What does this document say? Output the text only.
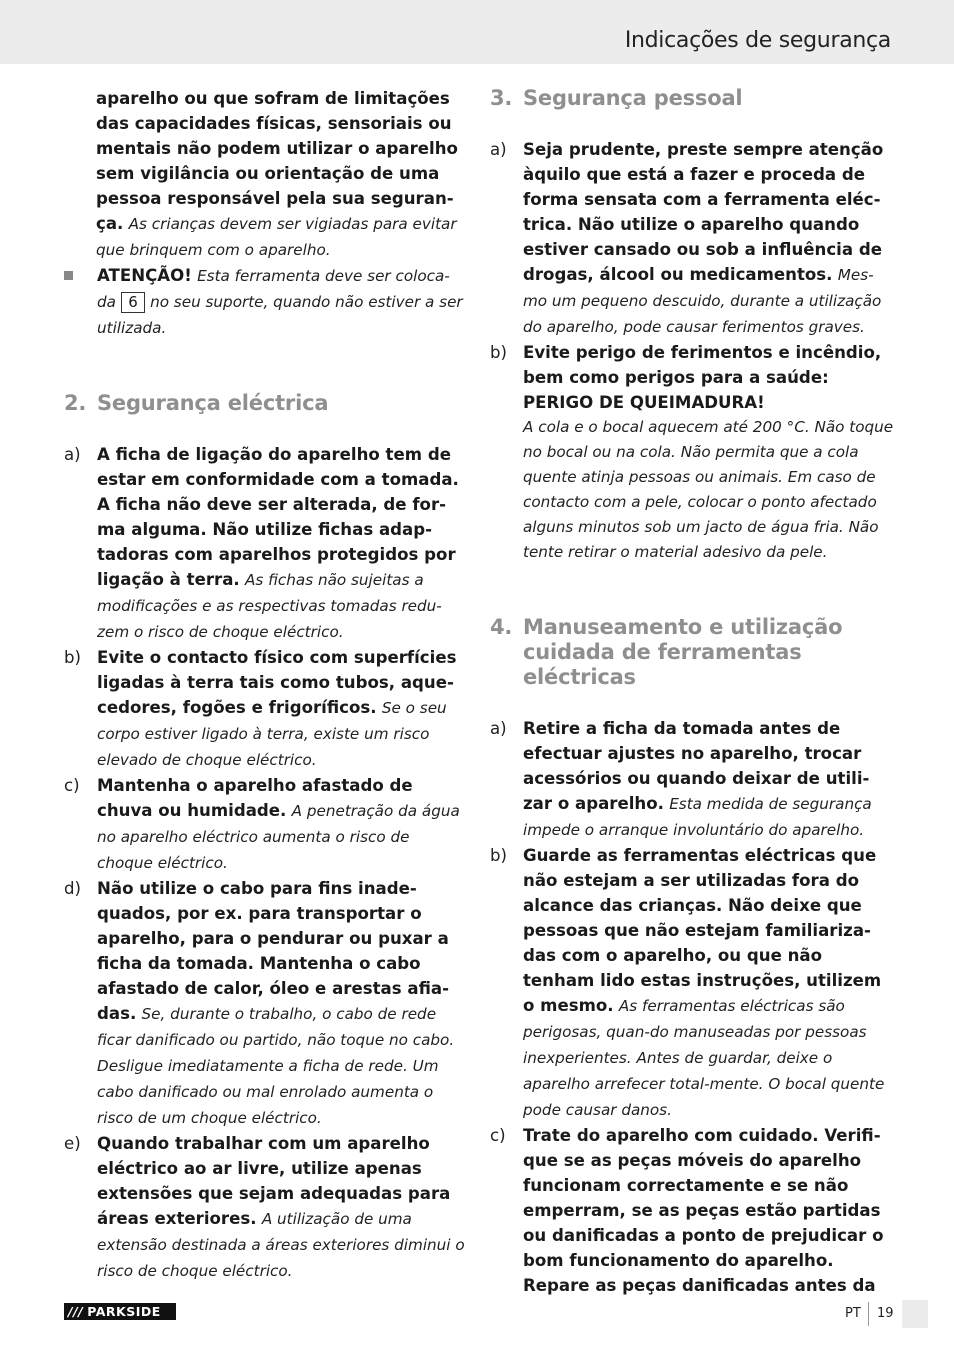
Indicações de segurança
aparelho ou que sofram de limitações das capacidades físicas, sensoriais ou mentais não podem utilizar o aparelho sem vigilância ou orientação de uma pessoa responsável pela sua seguran-ça. As crianças devem ser vigiadas para evitar que brinquem com o aparelho.
ATENÇÃO! Esta ferramenta deve ser coloca-da 6 no seu suporte, quando não estiver a ser utilizada.
2. Segurança eléctrica
a) A ficha de ligação do aparelho tem de estar em conformidade com a tomada. A ficha não deve ser alterada, de for-ma alguma. Não utilize fichas adap-tadoras com aparelhos protegidos por ligação à terra. As fichas não sujeitas a modificações e as respectivas tomadas redu-zem o risco de choque eléctrico.
b) Evite o contacto físico com superfícies ligadas à terra tais como tubos, aque-cedores, fogões e frigoríficos. Se o seu corpo estiver ligado à terra, existe um risco elevado de choque eléctrico.
c)	Mantenha o aparelho afastado de chuva ou humidade. A penetração da água no aparelho eléctrico aumenta o risco de choque eléctrico.
d) Não utilize o cabo para fins inade-quados, por ex. para transportar o aparelho, para o pendurar ou puxar a ficha da tomada. Mantenha o cabo afastado de calor, óleo e arestas afia-das. Se, durante o trabalho, o cabo de rede ficar danificado ou partido, não toque no cabo. Desligue imediatamente a ficha de rede. Um cabo danificado ou mal enrolado aumenta o risco de um choque eléctrico.
e) Quando trabalhar com um aparelho eléctrico ao ar livre, utilize apenas extensões que sejam adequadas para áreas exteriores. A utilização de uma extensão destinada a áreas exteriores diminui o risco de choque eléctrico.
3. Segurança pessoal
a) Seja prudente, preste sempre atenção àquilo que está a fazer e proceda de forma sensata com a ferramenta eléc-trica. Não utilize o aparelho quando estiver cansado ou sob a influência de drogas, álcool ou medicamentos. Mes-mo um pequeno descuido, durante a utilização do aparelho, pode causar ferimentos graves.
b) Evite perigo de ferimentos e incêndio, bem como perigos para a saúde:
PERIGO DE QUEIMADURA!
A cola e o bocal aquecem até 200 °C. Não toque no bocal ou na cola. Não permita que a cola quente atinja pessoas ou animais. Em caso de contacto com a pele, colocar o ponto afectado alguns minutos sob um jacto de água fria. Não tente retirar o material adesivo da pele.
4. Manuseamento e utilização cuidada de ferramentas eléctricas
a) Retire a ficha da tomada antes de efectuar ajustes no aparelho, trocar acessórios ou quando deixar de utili-zar o aparelho. Esta medida de segurança impede o arranque involuntário do aparelho.
b) Guarde as ferramentas eléctricas que não estejam a ser utilizadas fora do alcance das crianças. Não deixe que pessoas que não estejam familiariza-das com o aparelho, ou que não tenham lido estas instruções, utilizem o mesmo. As ferramentas eléctricas são perigosas, quan-do manuseadas por pessoas inexperientes. Antes de guardar, deixe o aparelho arrefecer total-mente. O bocal quente pode causar danos.
c)	Trate do aparelho com cuidado. Verifi-que se as peças móveis do aparelho funcionam correctamente e se não emperram, se as peças estão partidas ou danificadas a ponto de prejudicar o bom funcionamento do aparelho. Repare as peças danificadas antes da
/// PARKSIDE	PT 19
